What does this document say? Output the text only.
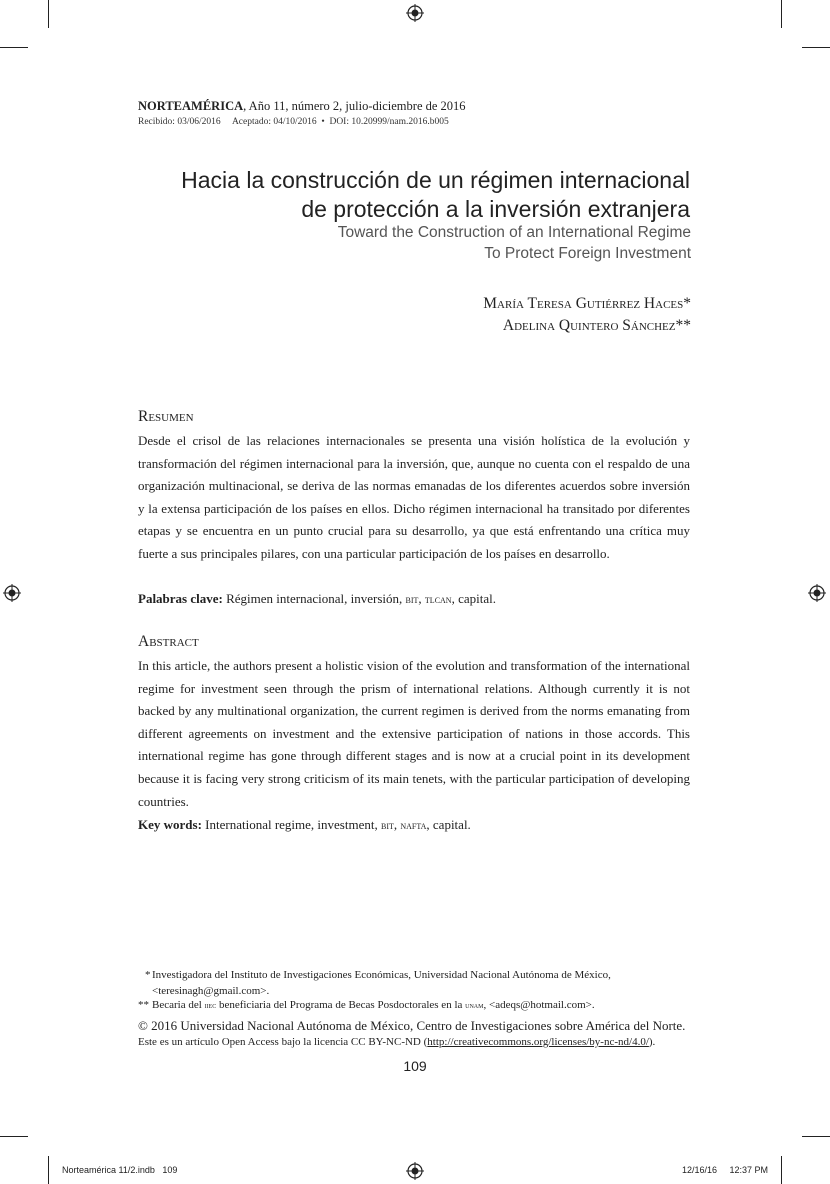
NORTEAMÉRICA, Año 11, número 2, julio-diciembre de 2016
Recibido: 03/06/2016     Aceptado: 04/10/2016  •  DOI: 10.20999/nam.2016.b005
Hacia la construcción de un régimen internacional
de protección a la inversión extranjera
Toward the Construction of an International Regime
To Protect Foreign Investment
María Teresa Gutiérrez Haces*
Adelina Quintero Sánchez**
Resumen
Desde el crisol de las relaciones internacionales se presenta una visión holística de la evolución y transformación del régimen internacional para la inversión, que, aunque no cuenta con el respaldo de una organización multinacional, se deriva de las normas emanadas de los diferentes acuerdos sobre inversión y la extensa participación de los países en ellos. Dicho régimen internacional ha transitado por diferentes etapas y se encuentra en un punto crucial para su desarrollo, ya que está enfrentando una crítica muy fuerte a sus principales pilares, con una particular participación de los países en desarrollo.
Palabras clave: Régimen internacional, inversión, bit, tlcan, capital.
Abstract
In this article, the authors present a holistic vision of the evolution and transformation of the international regime for investment seen through the prism of international relations. Although currently it is not backed by any multinational organization, the current regimen is derived from the norms emanating from different agreements on investment and the extensive participation of nations in those accords. This international regime has gone through different stages and is now at a crucial point in its development because it is facing very strong criticism of its main tenets, with the particular participation of developing countries.
Key words: International regime, investment, bit, nafta, capital.
* Investigadora del Instituto de Investigaciones Económicas, Universidad Nacional Autónoma de México,
<teresinagh@gmail.com>.
** Becaria del iiec beneficiaria del Programa de Becas Posdoctorales en la unam, <adeqs@hotmail.com>.
© 2016 Universidad Nacional Autónoma de México, Centro de Investigaciones sobre América del Norte.
Este es un artículo Open Access bajo la licencia CC BY-NC-ND (http://creativecommons.org/licenses/by-nc-nd/4.0/).
109
Norteamérica 11/2.indb   109	12/16/16     12:37 PM
